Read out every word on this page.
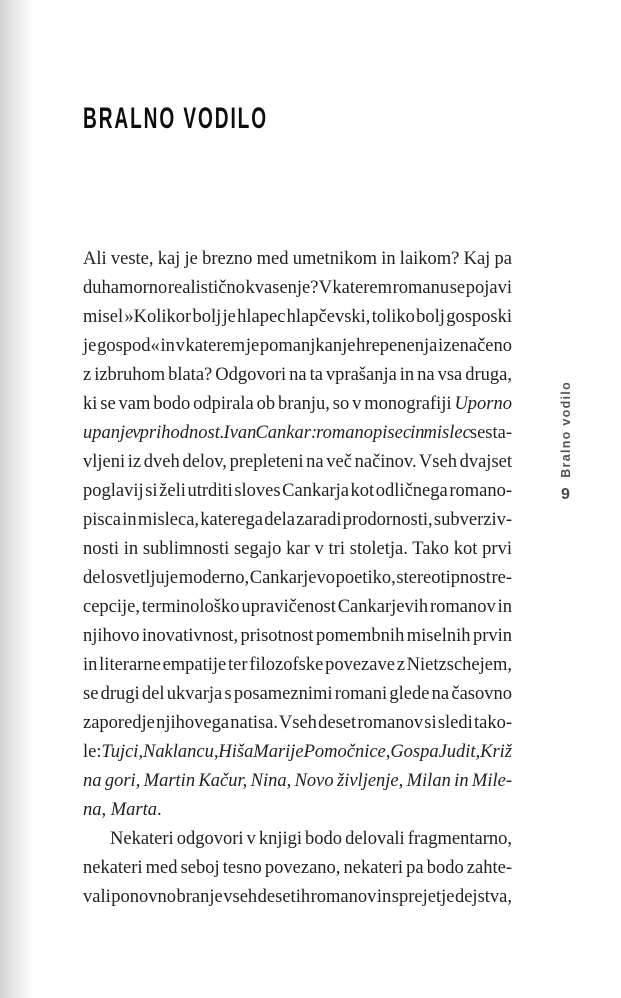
BRALNO VODILO
Ali veste, kaj je brezno med umetnikom in laikom? Kaj pa
duhamorno realistično kvasenje? V katerem romanu se pojavi
misel »Kolikor bolj je hlapec hlapčevski, toliko bolj gosposki
je gospod« in v katerem je pomanjkanje hrepenenja izenačeno
z izbruhom blata? Odgovori na ta vprašanja in na vsa druga,
ki se vam bodo odpirala ob branju, so v monografiji Uporno
upanje v prihodnost. Ivan Cankar: romanopisec in mislec sesta-
vljeni iz dveh delov, prepleteni na več načinov. Vseh dvajset
poglavij si želi utrditi sloves Cankarja kot odličnega romano-
pisca in misleca, katerega dela zaradi prodornosti, subverziv-
nosti in sublimnosti segajo kar v tri stoletja. Tako kot prvi
del osvetljuje moderno, Cankarjevo poetiko, stereotipnost re-
cepcije, terminološko upravičenost Cankarjevih romanov in
njihovo inovativnost, prisotnost pomembnih miselnih prvin
in literarne empatije ter filozofske povezave z Nietzschejem,
se drugi del ukvarja s posameznimi romani glede na časovno
zaporedje njihovega natisa. Vseh deset romanov si sledi tako-
le: Tujci, Na klancu, Hiša Marije Pomočnice, Gospa Judit, Križ
na gori, Martin Kačur, Nina, Novo življenje, Milan in Mile-
na, Marta.
Nekateri odgovori v knjigi bodo delovali fragmentarno,
nekateri med seboj tesno povezano, nekateri pa bodo zahte-
vali ponovno branje vseh desetih romanov in sprejetje dejstva,
Bralno vodilo
9
